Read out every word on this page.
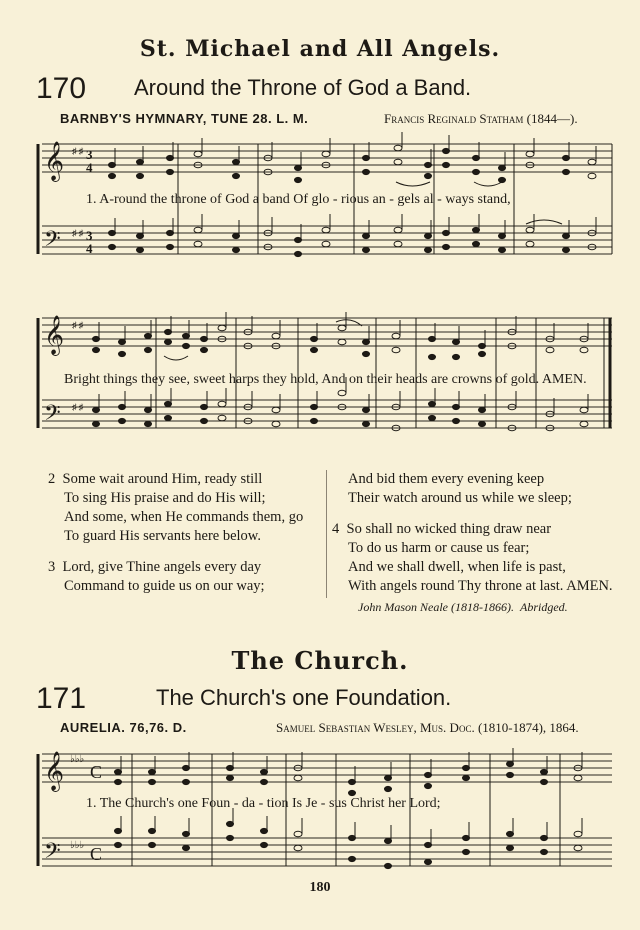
St. Michael and All Angels.
170 Around the Throne of God a Band.
BARNBY'S HYMNARY, TUNE 28. L. M.	Francis Reginald Statham (1844—).
𝄞
𝄢
♯ ♯
♯ ♯
3
4
3
4
1. A-round the throne of God a band Of glo - rious an - gels al - ways stand,
𝄞
𝄢
♯ ♯
♯ ♯
Bright things they see, sweet harps they hold, And on their heads are crowns of gold. AMEN.
2 Some wait around Him, ready still
To sing His praise and do His will;
And some, when He commands them, go
To guard His servants here below.
3 Lord, give Thine angels every day
Command to guide us on our way;
And bid them every evening keep
Their watch around us while we sleep;
4 So shall no wicked thing draw near
To do us harm or cause us fear;
And we shall dwell, when life is past,
With angels round Thy throne at last. AMEN.
John Mason Neale (1818-1866). Abridged.
The Church.
171	The Church's one Foundation.
AURELIA. 76,76. D.	Samuel Sebastian Wesley, Mus. Doc. (1810-1874), 1864.
𝄞
𝄢
♭♭♭
♭♭♭
C
C
1. The Church's one Foun - da - tion Is Je - sus Christ her Lord;
180
